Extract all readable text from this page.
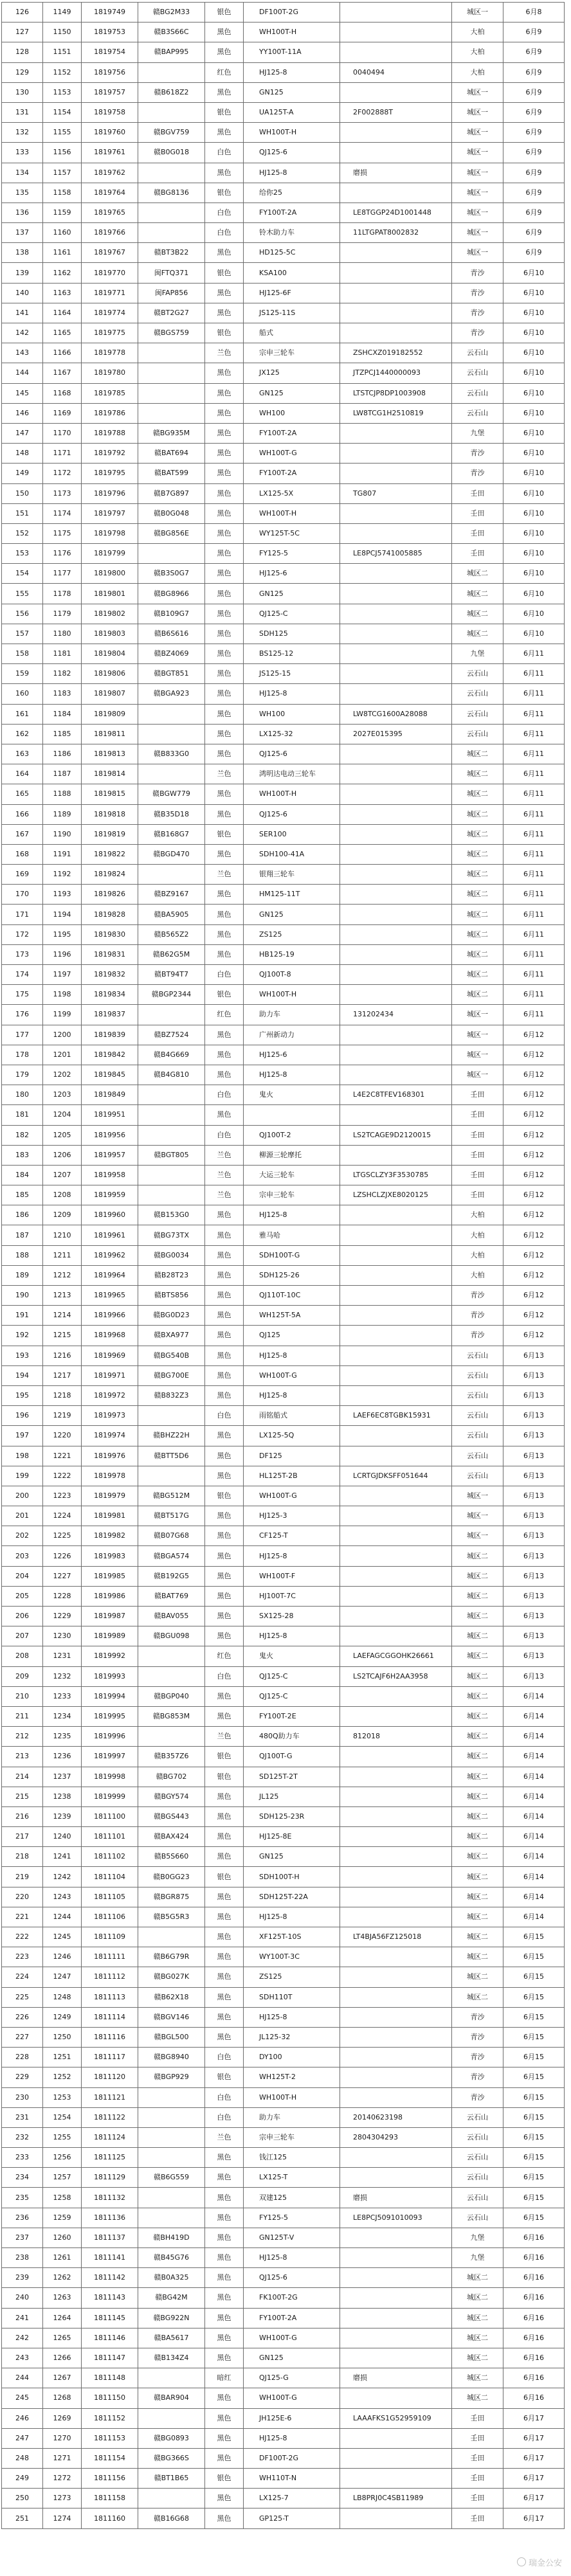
126	1149	1819749	赣BG2M33	银色	DF100T-2G		城区一	6月8
127	1150	1819753	赣B3S66C	黑色	WH100T-H		大柏	6月9
128	1151	1819754	赣BAP995	黑色	YY100T-11A		大柏	6月9
129	1152	1819756		红色	HJ125-8	0040494	大柏	6月9
130	1153	1819757	赣B618Z2	黑色	GN125		城区一	6月9
131	1154	1819758		银色	UA125T-A	2F002888T	城区一	6月9
132	1155	1819760	赣BGV759	黑色	WH100T-H		城区一	6月9
133	1156	1819761	赣B0G018	白色	QJ125-6		城区一	6月9
134	1157	1819762		黑色	HJ125-8	磨损	城区一	6月9
135	1158	1819764	赣BG8136	银色	给你25		城区一	6月9
136	1159	1819765		白色	FY100T-2A	LE8TGGP24D1001448	城区一	6月9
137	1160	1819766		白色	铃木助力车	11LTGPAT8002832	城区一	6月9
138	1161	1819767	赣BT3B22	黑色	HD125-5C		城区一	6月9
139	1162	1819770	闽FTQ371	银色	KSA100		青沙	6月10
140	1163	1819771	闽FAP856	黑色	HJ125-6F		青沙	6月10
141	1164	1819774	赣BT2G27	黑色	JS125-11S		青沙	6月10
142	1165	1819775	赣BGS759	银色	船式		青沙	6月10
143	1166	1819778		兰色	宗申三轮车	ZSHCXZ019182552	云石山	6月10
144	1167	1819780		黑色	JX125	JTZPCJ1440000093	云石山	6月10
145	1168	1819785		黑色	GN125	LTSTCJP8DP1003908	云石山	6月10
146	1169	1819786		黑色	WH100	LW8TCG1H2510819	云石山	6月10
147	1170	1819788	赣BG935M	黑色	FY100T-2A		九堡	6月10
148	1171	1819792	赣BAT694	黑色	WH100T-G		青沙	6月10
149	1172	1819795	赣BAT599	黑色	FY100T-2A		青沙	6月10
150	1173	1819796	赣B7G897	黑色	LX125-5X	TG807	壬田	6月10
151	1174	1819797	赣B0G048	黑色	WH100T-H		壬田	6月10
152	1175	1819798	赣BG856E	黑色	WY125T-5C		壬田	6月10
153	1176	1819799		黑色	FY125-5	LE8PCJ5741005885	壬田	6月10
154	1177	1819800	赣B3S0G7	黑色	HJ125-6		城区二	6月10
155	1178	1819801	赣BG8966	黑色	GN125		城区二	6月10
156	1179	1819802	赣B109G7	黑色	QJ125-C		城区二	6月10
157	1180	1819803	赣B6S616	黑色	SDH125		城区二	6月10
158	1181	1819804	赣BZ4069	黑色	BS125-12		九堡	6月11
159	1182	1819806	赣BGT851	黑色	JS125-15		云石山	6月11
160	1183	1819807	赣BGA923	黑色	HJ125-8		云石山	6月11
161	1184	1819809		黑色	WH100	LW8TCG1600A28088	云石山	6月11
162	1185	1819811		黑色	LX125-32	2027E015395	云石山	6月11
163	1186	1819813	赣B833G0	黑色	QJ125-6		城区二	6月11
164	1187	1819814		兰色	鸿明达电动三轮车		城区二	6月11
165	1188	1819815	赣BGW779	黑色	WH100T-H		城区二	6月11
166	1189	1819818	赣B35D18	黑色	QJ125-6		城区二	6月11
167	1190	1819819	赣B168G7	银色	SER100		城区二	6月11
168	1191	1819822	赣BGD470	黑色	SDH100-41A		城区二	6月11
169	1192	1819824		兰色	银翔三轮车		城区二	6月11
170	1193	1819826	赣BZ9167	黑色	HM125-11T		城区二	6月11
171	1194	1819828	赣BA5905	黑色	GN125		城区二	6月11
172	1195	1819830	赣B565Z2	黑色	ZS125		城区二	6月11
173	1196	1819831	赣B62G5M	黑色	HB125-19		城区二	6月11
174	1197	1819832	赣BT94T7	白色	QJ100T-8		城区二	6月11
175	1198	1819834	赣BGP2344	银色	WH100T-H		城区二	6月11
176	1199	1819837		红色	助力车	131202434	城区一	6月11
177	1200	1819839	赣BZ7524	黑色	广州新动力		城区一	6月12
178	1201	1819842	赣B4G669	黑色	HJ125-6		城区一	6月12
179	1202	1819845	赣B4G810	黑色	HJ125-8		城区一	6月12
180	1203	1819849		白色	鬼火	L4E2C8TFEV168301	壬田	6月12
181	1204	1819951		黑色			壬田	6月12
182	1205	1819956		白色	QJ100T-2	LS2TCAGE9D2120015	壬田	6月12
183	1206	1819957	赣BGT805	兰色	柳源三轮摩托		壬田	6月12
184	1207	1819958		兰色	大运三轮车	LTGSCLZY3F3530785	壬田	6月12
185	1208	1819959		兰色	宗申三轮车	LZSHCLZJXE8020125	壬田	6月12
186	1209	1819960	赣B153G0	黑色	HJ125-8		大柏	6月12
187	1210	1819961	赣BG73TX	黑色	雅马哈		大柏	6月12
188	1211	1819962	赣BG0034	黑色	SDH100T-G		大柏	6月12
189	1212	1819964	赣B28T23	黑色	SDH125-26		大柏	6月12
190	1213	1819965	赣BTS856	黑色	QJ110T-10C		青沙	6月12
191	1214	1819966	赣BG0D23	黑色	WH125T-5A		青沙	6月12
192	1215	1819968	赣BXA977	黑色	QJ125		青沙	6月12
193	1216	1819969	赣BG540B	黑色	HJ125-8		云石山	6月13
194	1217	1819971	赣BG700E	黑色	WH100T-G		云石山	6月13
195	1218	1819972	赣B832Z3	黑色	HJ125-8		云石山	6月13
196	1219	1819973		白色	雨铭船式	LAEF6EC8TGBK15931	云石山	6月13
197	1220	1819974	赣BHZ22H	黑色	LX125-5Q		云石山	6月13
198	1221	1819976	赣BTT5D6	黑色	DF125		云石山	6月13
199	1222	1819978		黑色	HL125T-2B	LCRTGJDKSFF051644	云石山	6月13
200	1223	1819979	赣BG512M	银色	WH100T-G		城区一	6月13
201	1224	1819981	赣BT517G	黑色	HJ125-3		城区一	6月13
202	1225	1819982	赣B07G68	黑色	CF125-T		城区一	6月13
203	1226	1819983	赣BGA574	黑色	HJ125-8		城区二	6月13
204	1227	1819985	赣B192G5	黑色	WH100T-F		城区二	6月13
205	1228	1819986	赣BAT769	黑色	HJ100T-7C		城区二	6月13
206	1229	1819987	赣BAV055	黑色	SX125-28		城区二	6月13
207	1230	1819989	赣BGU098	黑色	HJ125-8		城区二	6月13
208	1231	1819992		红色	鬼火	LAEFAGCGGOHK26661	城区二	6月13
209	1232	1819993		白色	QJ125-C	LS2TCAJF6H2AA3958	城区二	6月13
210	1233	1819994	赣BGP040	黑色	QJ125-C		城区二	6月14
211	1234	1819995	赣BG853M	黑色	FY100T-2E		城区二	6月14
212	1235	1819996		兰色	480Q助力车	812018	城区二	6月14
213	1236	1819997	赣B357Z6	银色	QJ100T-G		城区二	6月14
214	1237	1819998	赣BG702	银色	SD125T-2T		城区二	6月14
215	1238	1819999	赣BGY574	黑色	JL125		城区二	6月14
216	1239	1811100	赣BGS443	黑色	SDH125-23R		城区二	6月14
217	1240	1811101	赣BAX424	黑色	HJ125-8E		城区二	6月14
218	1241	1811102	赣B5S660	黑色	GN125		城区二	6月14
219	1242	1811104	赣B0GG23	银色	SDH100T-H		城区二	6月14
220	1243	1811105	赣BGR875	黑色	SDH125T-22A		城区二	6月14
221	1244	1811106	赣B5G5R3	黑色	HJ125-8		城区二	6月14
222	1245	1811109		黑色	XF125T-10S	LT4BJA56FZ125018	城区二	6月15
223	1246	1811111	赣B6G79R	黑色	WY100T-3C		城区二	6月15
224	1247	1811112	赣BG027K	黑色	ZS125		城区二	6月15
225	1248	1811113	赣B62X18	黑色	SDH110T		城区二	6月15
226	1249	1811114	赣BGV146	黑色	HJ125-8		青沙	6月15
227	1250	1811116	赣BGL500	黑色	JL125-32		青沙	6月15
228	1251	1811117	赣BG8940	白色	DY100		青沙	6月15
229	1252	1811120	赣BGP929	银色	WH125T-2		青沙	6月15
230	1253	1811121		白色	WH100T-H		青沙	6月15
231	1254	1811122		白色	助力车	20140623198	云石山	6月15
232	1255	1811124		兰色	宗申三轮车	2804304293	云石山	6月15
233	1256	1811125		黑色	钱江125		云石山	6月15
234	1257	1811129	赣B6G559	黑色	LX125-T		云石山	6月15
235	1258	1811132		黑色	双建125	磨损	云石山	6月15
236	1259	1811136		黑色	FY125-5	LE8PCJ5091010093	云石山	6月15
237	1260	1811137	赣BH419D	黑色	GN125T-V		九堡	6月16
238	1261	1811141	赣B45G76	黑色	HJ125-8		九堡	6月16
239	1262	1811142	赣B0A325	黑色	QJ125-6		城区二	6月16
240	1263	1811143	赣BG42M	黑色	FK100T-2G		城区二	6月16
241	1264	1811145	赣BG922N	黑色	FY100T-2A		城区二	6月16
242	1265	1811146	赣BA5617	黑色	WH100T-G		城区二	6月16
243	1266	1811147	赣B134Z4	黑色	GN125		城区二	6月16
244	1267	1811148		暗红	QJ125-G	磨损	城区二	6月16
245	1268	1811150	赣BAR904	黑色	WH100T-G		城区二	6月16
246	1269	1811152		黑色	JH125E-6	LAAAFKS1G52959109	壬田	6月17
247	1270	1811153	赣BG0893	黑色	HJ125-8		壬田	6月17
248	1271	1811154	赣BG366S	黑色	DF100T-2G		壬田	6月17
249	1272	1811156	赣BT1B65	银色	WH110T-N		壬田	6月17
250	1273	1811158		黑色	LX125-7	LB8PRJ0C4SB11989	壬田	6月17
251	1274	1811160	赣B16G68	黑色	GP125-T		壬田	6月17
瑞金公安
